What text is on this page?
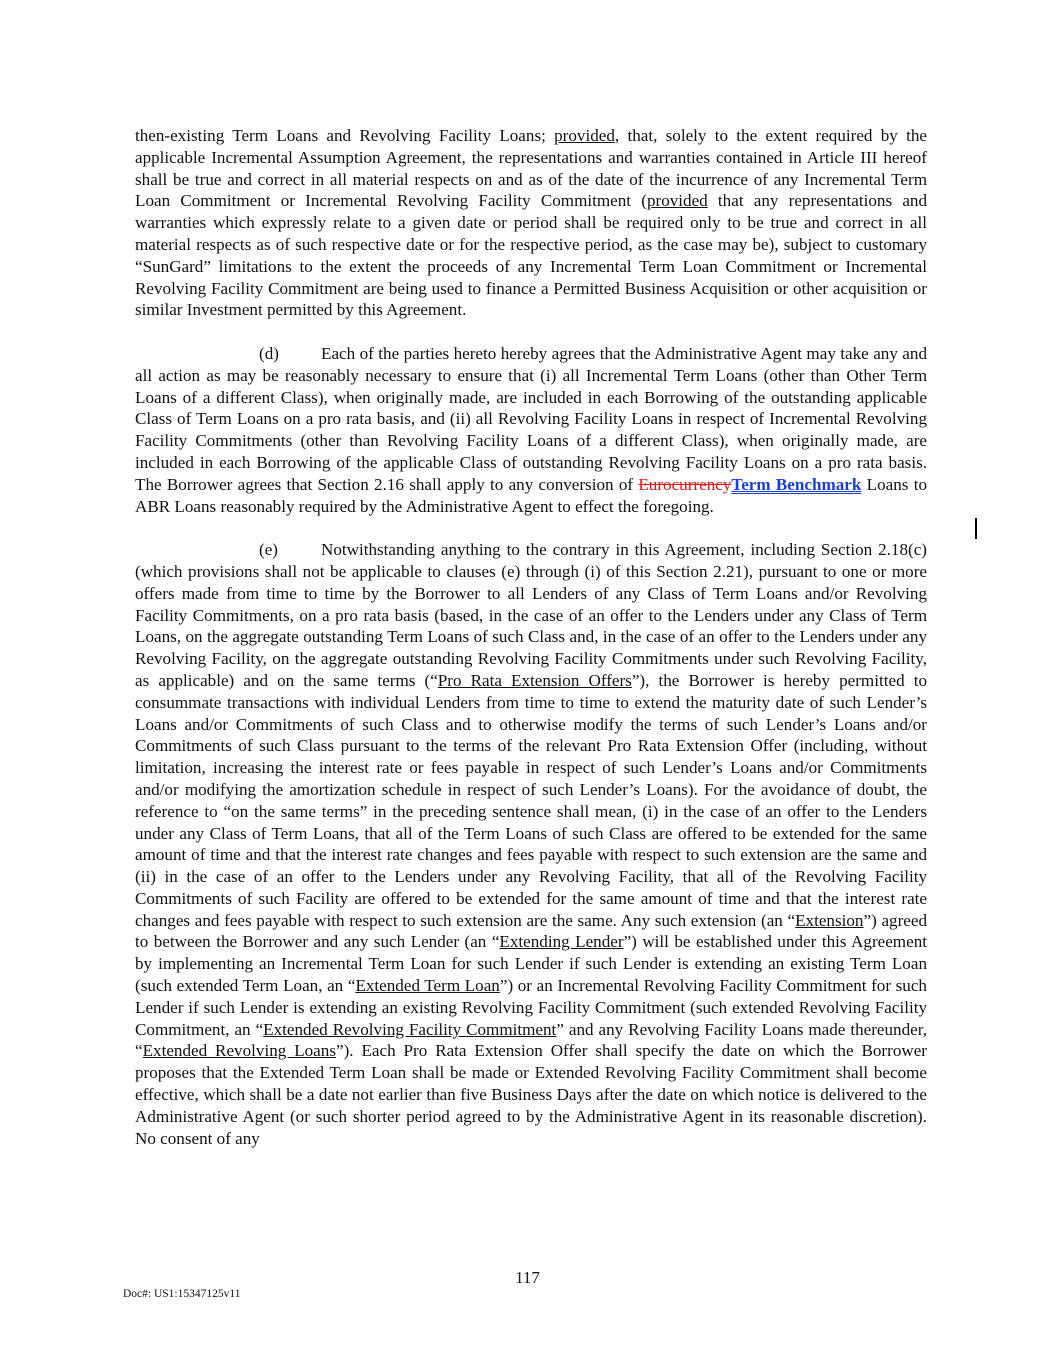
then-existing Term Loans and Revolving Facility Loans; provided, that, solely to the extent required by the applicable Incremental Assumption Agreement, the representations and warranties contained in Article III hereof shall be true and correct in all material respects on and as of the date of the incurrence of any Incremental Term Loan Commitment or Incremental Revolving Facility Commitment (provided that any representations and warranties which expressly relate to a given date or period shall be required only to be true and correct in all material respects as of such respective date or for the respective period, as the case may be), subject to customary “SunGard” limitations to the extent the proceeds of any Incremental Term Loan Commitment or Incremental Revolving Facility Commitment are being used to finance a Permitted Business Acquisition or other acquisition or similar Investment permitted by this Agreement.

(d) Each of the parties hereto hereby agrees that the Administrative Agent may take any and all action as may be reasonably necessary to ensure that (i) all Incremental Term Loans (other than Other Term Loans of a different Class), when originally made, are included in each Borrowing of the outstanding applicable Class of Term Loans on a pro rata basis, and (ii) all Revolving Facility Loans in respect of Incremental Revolving Facility Commitments (other than Revolving Facility Loans of a different Class), when originally made, are included in each Borrowing of the applicable Class of outstanding Revolving Facility Loans on a pro rata basis. The Borrower agrees that Section 2.16 shall apply to any conversion of EurocurrencyTerm Benchmark Loans to ABR Loans reasonably required by the Administrative Agent to effect the foregoing.

(e)	Notwithstanding anything to the contrary in this Agreement, including Section 2.18(c) (which provisions shall not be applicable to clauses (e) through (i) of this Section 2.21), pursuant to one or more offers made from time to time by the Borrower to all Lenders of any Class of Term Loans and/or Revolving Facility Commitments, on a pro rata basis (based, in the case of an offer to the Lenders under any Class of Term Loans, on the aggregate outstanding Term Loans of such Class and, in the case of an offer to the Lenders under any Revolving Facility, on the aggregate outstanding Revolving Facility Commitments under such Revolving Facility, as applicable) and on the same terms (“Pro Rata Extension Offers”), the Borrower is hereby permitted to consummate transactions with individual Lenders from time to time to extend the maturity date of such Lender’s Loans and/or Commitments of such Class and to otherwise modify the terms of such Lender’s Loans and/or Commitments of such Class pursuant to the terms of the relevant Pro Rata Extension Offer (including, without limitation, increasing the interest rate or fees payable in respect of such Lender’s Loans and/or Commitments and/or modifying the amortization schedule in respect of such Lender’s Loans). For the avoidance of doubt, the reference to “on the same terms” in the preceding sentence shall mean, (i) in the case of an offer to the Lenders under any Class of Term Loans, that all of the Term Loans of such Class are offered to be extended for the same amount of time and that the interest rate changes and fees payable with respect to such extension are the same and (ii) in the case of an offer to the Lenders under any Revolving Facility, that all of the Revolving Facility Commitments of such Facility are offered to be extended for the same amount of time and that the interest rate changes and fees payable with respect to such extension are the same. Any such extension (an “Extension”) agreed to between the Borrower and any such Lender (an “Extending Lender”) will be established under this Agreement by implementing an Incremental Term Loan for such Lender if such Lender is extending an existing Term Loan (such extended Term Loan, an “Extended Term Loan”) or an Incremental Revolving Facility Commitment for such Lender if such Lender is extending an existing Revolving Facility Commitment (such extended Revolving Facility Commitment, an “Extended Revolving Facility Commitment” and any Revolving Facility Loans made thereunder, “Extended Revolving Loans”). Each Pro Rata Extension Offer shall specify the date on which the Borrower proposes that the Extended Term Loan shall be made or Extended Revolving Facility Commitment shall become effective, which shall be a date not earlier than five Business Days after the date on which notice is delivered to the Administrative Agent (or such shorter period agreed to by the Administrative Agent in its reasonable discretion). No consent of any

117
Doc#: US1:15347125v11
